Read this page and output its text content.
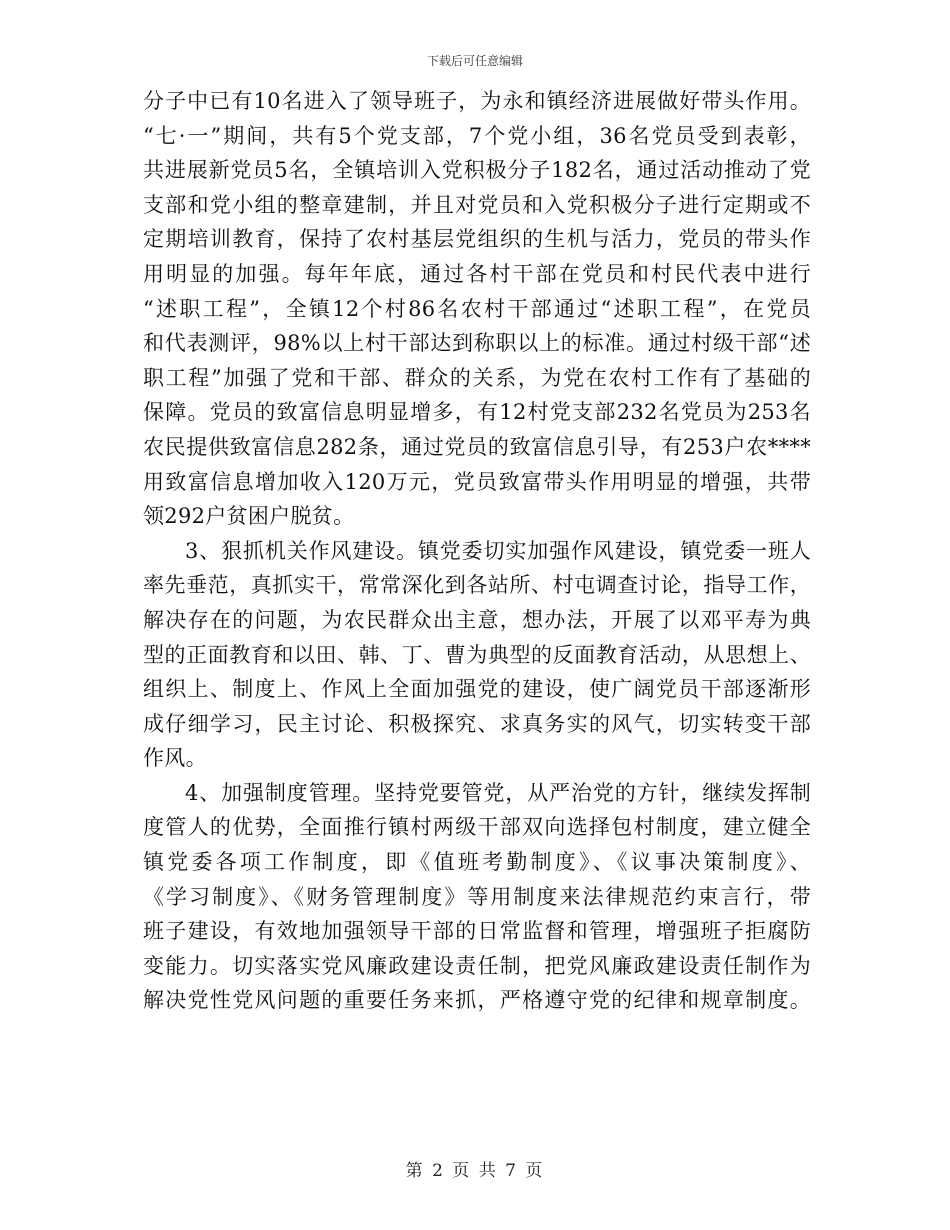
下载后可任意编辑
分子中已有10名进入了领导班子，为永和镇经济进展做好带头作用。
“七·一”期间，共有5个党支部，7个党小组，36名党员受到表彰，
共进展新党员5名，全镇培训入党积极分子182名，通过活动推动了党
支部和党小组的整章建制，并且对党员和入党积极分子进行定期或不
定期培训教育，保持了农村基层党组织的生机与活力，党员的带头作
用明显的加强。每年年底，通过各村干部在党员和村民代表中进行
“述职工程”，全镇12个村86名农村干部通过“述职工程”，在党员
和代表测评，98%以上村干部达到称职以上的标准。通过村级干部“述
职工程”加强了党和干部、群众的关系，为党在农村工作有了基础的
保障。党员的致富信息明显增多，有12村党支部232名党员为253名
农民提供致富信息282条，通过党员的致富信息引导，有253户农****
用致富信息增加收入120万元，党员致富带头作用明显的增强，共带
领292户贫困户脱贫。
3、狠抓机关作风建设。镇党委切实加强作风建设，镇党委一班人
率先垂范，真抓实干，常常深化到各站所、村屯调查讨论，指导工作，
解决存在的问题，为农民群众出主意，想办法，开展了以邓平寿为典
型的正面教育和以田、韩、丁、曹为典型的反面教育活动，从思想上、
组织上、制度上、作风上全面加强党的建设，使广阔党员干部逐渐形
成仔细学习，民主讨论、积极探究、求真务实的风气，切实转变干部
作风。
4、加强制度管理。坚持党要管党，从严治党的方针，继续发挥制
度管人的优势，全面推行镇村两级干部双向选择包村制度，建立健全
镇党委各项工作制度，即《值班考勤制度》、《议事决策制度》、
《学习制度》、《财务管理制度》等用制度来法律规范约束言行，带
班子建设，有效地加强领导干部的日常监督和管理，增强班子拒腐防
变能力。切实落实党风廉政建设责任制，把党风廉政建设责任制作为
解决党性党风问题的重要任务来抓，严格遵守党的纪律和规章制度。
第 2 页 共 7 页
